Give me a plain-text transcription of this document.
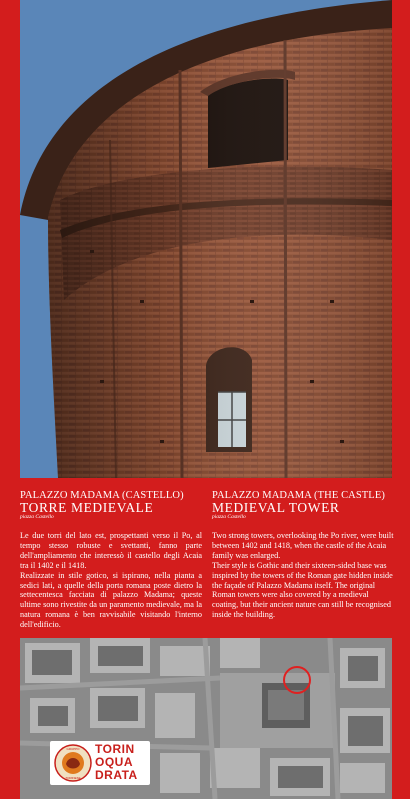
PALAZZO MADAMA (CASTELLO)
TORRE MEDIEVALE
piazza Castello

Le due torri del lato est, prospettanti verso il Po, al tempo stesso robuste e svettanti, fanno parte dell'ampliamento che interessò il castello degli Acaia tra il 1402 e il 1418.

Realizzate in stile gotico, si ispirano, nella pianta a sedici lati, a quelle della porta romana poste dietro la settecentesca facciata di palazzo Madama; queste ultime sono rivestite da un paramento medievale, ma la natura romana è ben ravvisabile visitando l'interno dell'edificio.

PALAZZO MADAMA (THE CASTLE)
MEDIEVAL TOWER
piazza Castello

Two strong towers, overlooking the Po river, were built between 1402 and 1418, when the castle of the Acaia family was enlarged.

Their style is Gothic and their sixteen-sided base was inspired by the towers of the Roman gate hidden inside the façade of Palazzo Madama itself. The original Roman towers were also covered by a medieval coating, but their ancient nature can still be recognised inside the building.

GRUPPO
TORINESE
TORIN
OQUA
DRATA
